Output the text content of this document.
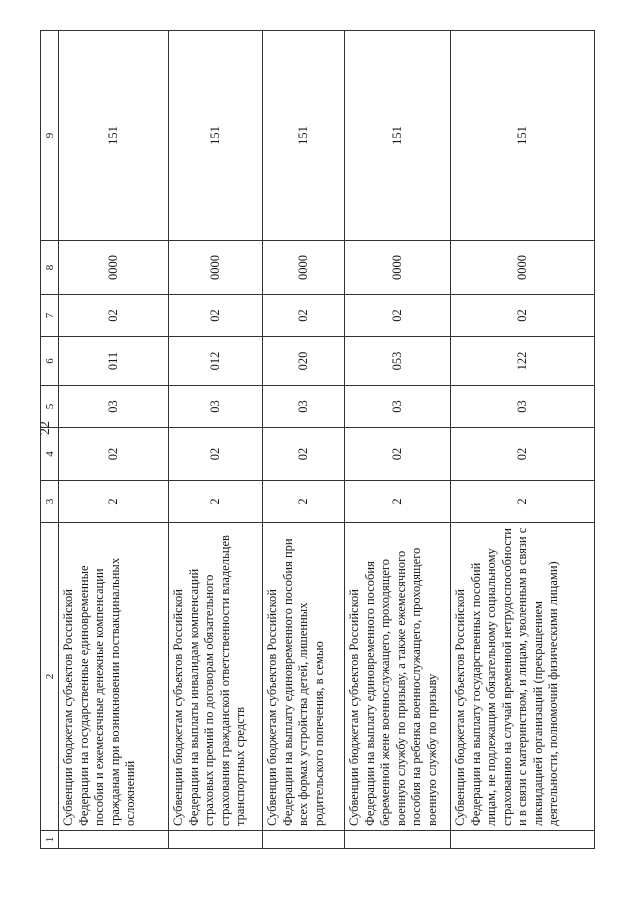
22
1	2	3	4	5	6	7	8	9
	Субвенции бюджетам субъектов Российской Федерации на государственные единовременные пособия и ежемесячные денежные компенсации гражданам при возникновении поствакцинальных осложнений	2	02	03	011	02	0000	151
	Субвенции бюджетам субъектов Российской Федерации на выплаты инвалидам компенсаций страховых премий по договорам обязательного страхования гражданской ответственности владельцев транспортных средств	2	02	03	012	02	0000	151
	Субвенции бюджетам субъектов Российской Федерации на выплату единовременного пособия при всех формах устройства детей, лишенных родительского попечения, в семью	2	02	03	020	02	0000	151
	Субвенции бюджетам субъектов Российской Федерации на выплату единовременного пособия беременной жене военнослужащего, проходящего военную службу по призыву, а также ежемесячного пособия на ребенка военнослужащего, проходящего военную службу по призыву	2	02	03	053	02	0000	151
	Субвенции бюджетам субъектов Российской Федерации на выплату государственных пособий лицам, не подлежащим обязательному социальному страхованию на случай временной нетрудоспособности и в связи с материнством, и лицам, уволенным в связи с ликвидацией организаций (прекращением деятельности, полномочий физическими лицами)	2	02	03	122	02	0000	151
